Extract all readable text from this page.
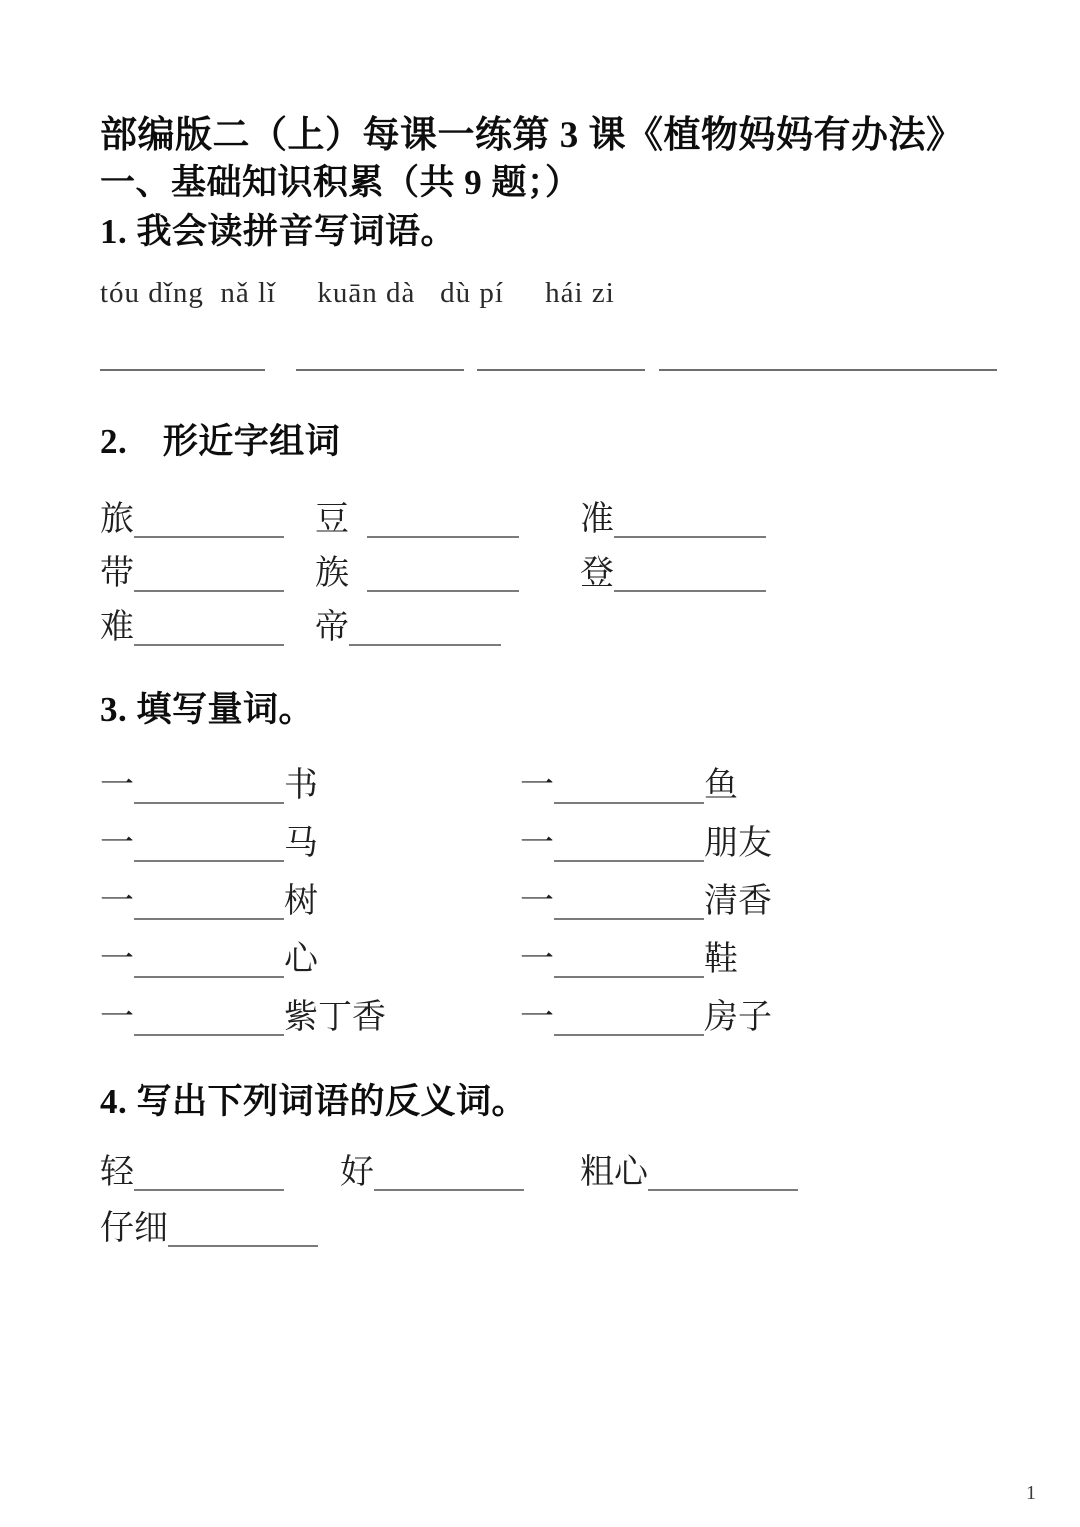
部编版二（上）每课一练第 3 课《植物妈妈有办法》
一、基础知识积累（共 9 题；）
1. 我会读拼音写词语。
tóu dǐng  nǎ lǐ     kuān dà   dù pí     hái zi
2.　形近字组词
旅	豆	准
带	族	登
难	帝
3. 填写量词。
一	书	一	鱼
一	马	一	朋友
一	树	一	清香
一	心	一	鞋
一	紫丁香	一	房子
4. 写出下列词语的反义词。
轻	好	粗心
仔细
1
